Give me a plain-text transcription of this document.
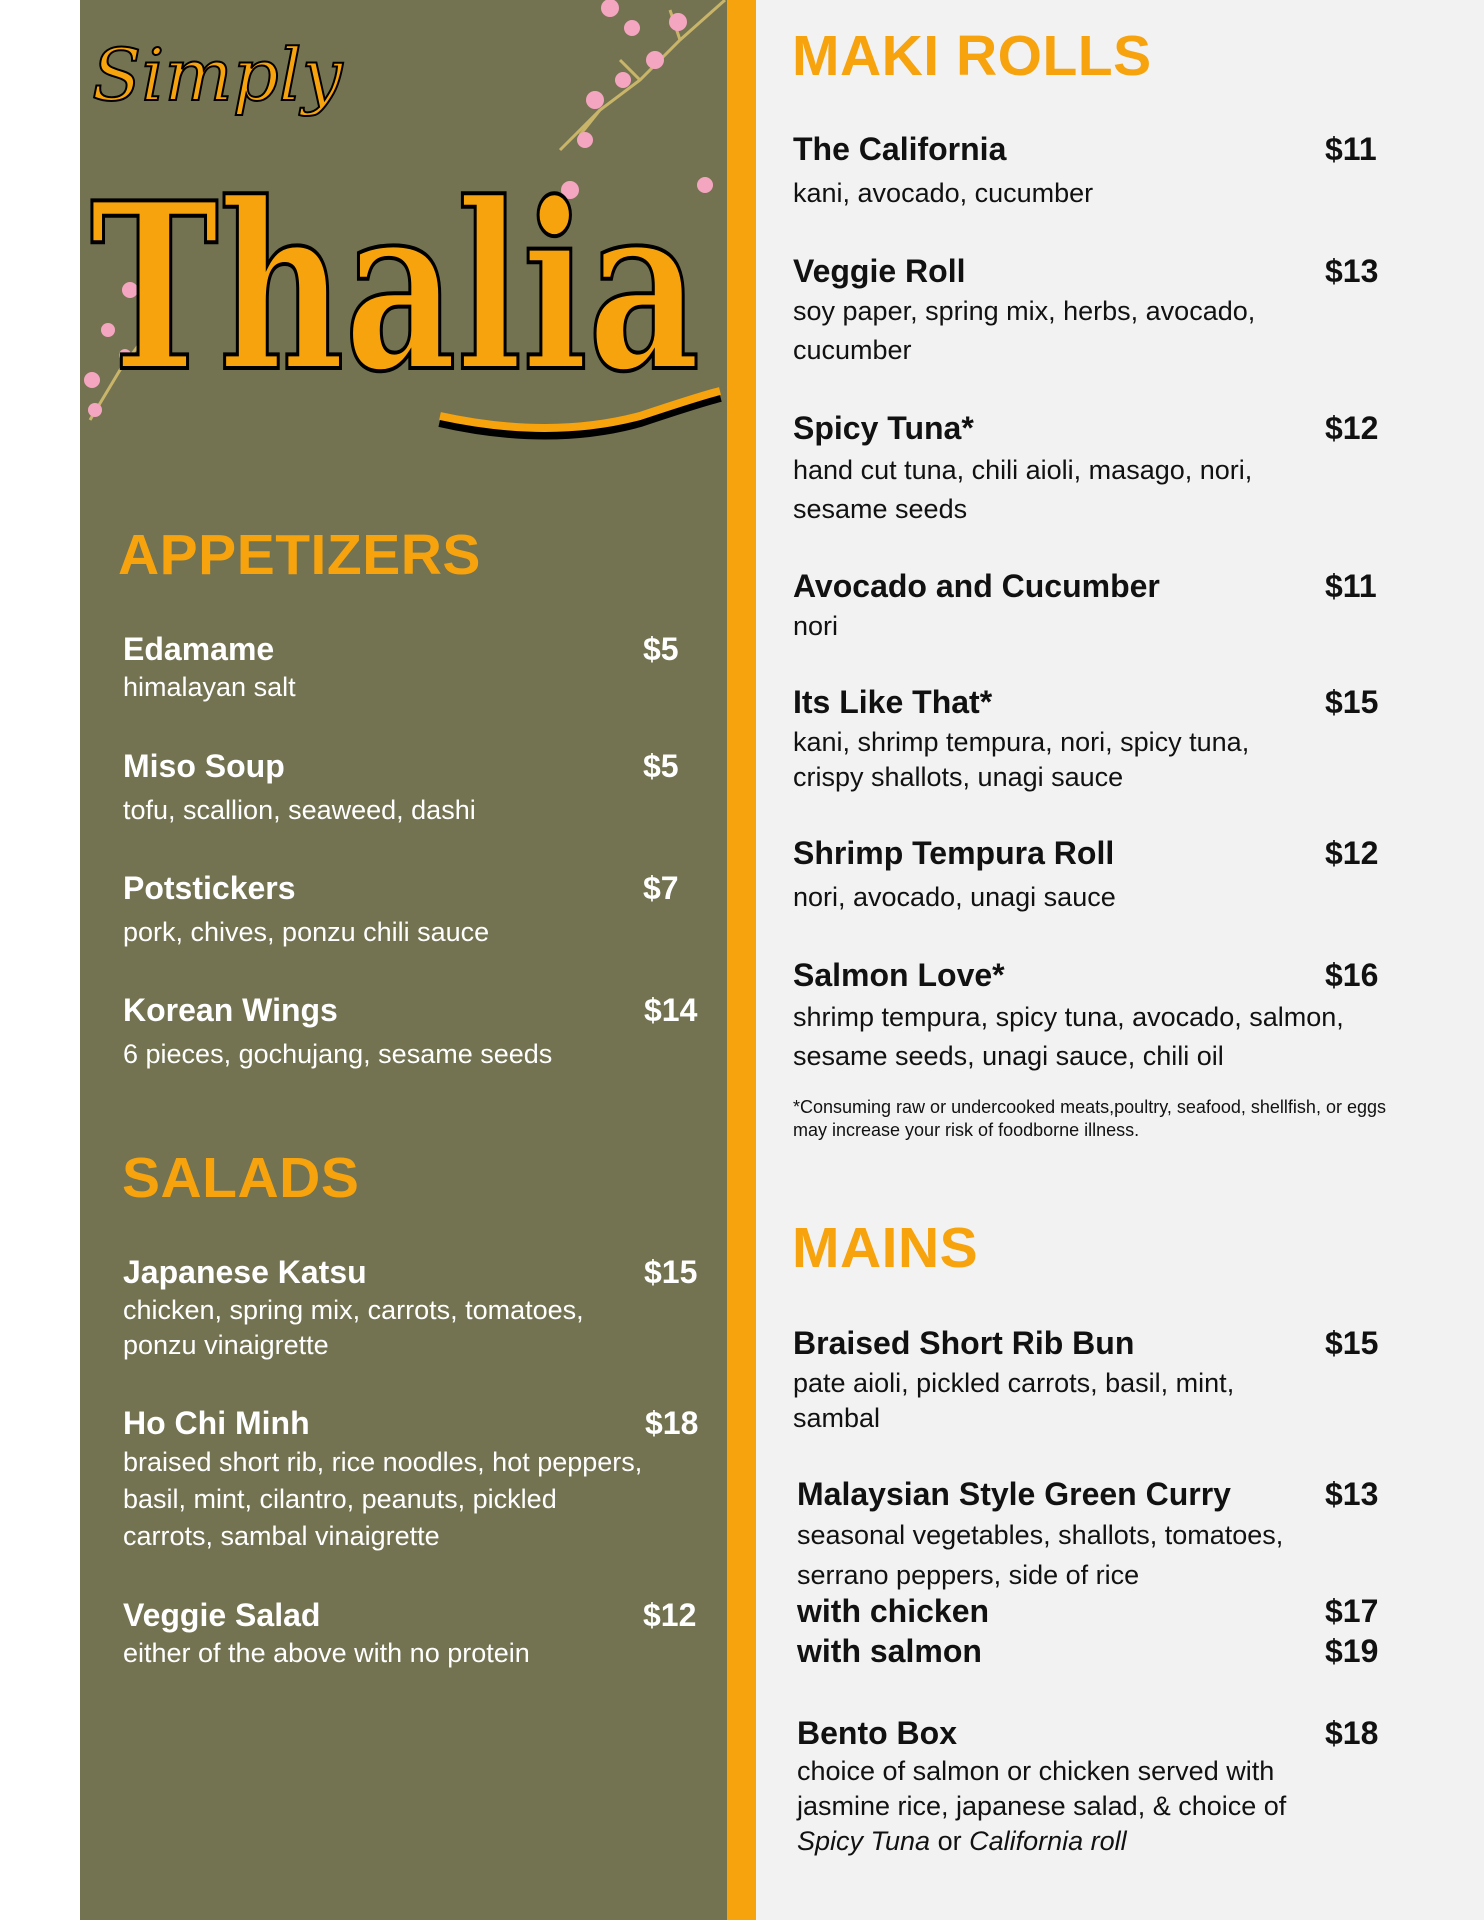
Simply
Thalia
APPETIZERS
Edamame	$5
himalayan salt
Miso Soup	$5
tofu, scallion, seaweed, dashi
Potstickers	$7
pork, chives, ponzu chili sauce
Korean Wings	$14
6 pieces, gochujang, sesame seeds
SALADS
Japanese Katsu	$15
chicken, spring mix, carrots, tomatoes, ponzu vinaigrette
Ho Chi Minh	$18
braised short rib, rice noodles, hot peppers, basil, mint, cilantro, peanuts, pickled carrots, sambal vinaigrette
Veggie Salad	$12
either of the above with no protein
MAKI ROLLS
The California	$11
kani, avocado, cucumber
Veggie Roll	$13
soy paper, spring mix, herbs, avocado, cucumber
Spicy Tuna*	$12
hand cut tuna, chili aioli, masago, nori, sesame seeds
Avocado and Cucumber	$11
nori
Its Like That*	$15
kani, shrimp tempura, nori, spicy tuna, crispy shallots, unagi sauce
Shrimp Tempura Roll	$12
nori, avocado, unagi sauce
Salmon Love*	$16
shrimp tempura, spicy tuna, avocado, salmon, sesame seeds, unagi sauce, chili oil

*Consuming raw or undercooked meats,poultry, seafood, shellfish, or eggs may increase your risk of foodborne illness.

MAINS
Braised Short Rib Bun	$15
pate aioli, pickled carrots, basil, mint, sambal
Malaysian Style Green Curry	$13
seasonal vegetables, shallots, tomatoes, serrano peppers, side of rice
with chicken	$17
with salmon	$19
Bento Box	$18
choice of salmon or chicken served with jasmine rice, japanese salad, & choice of Spicy Tuna or California roll
